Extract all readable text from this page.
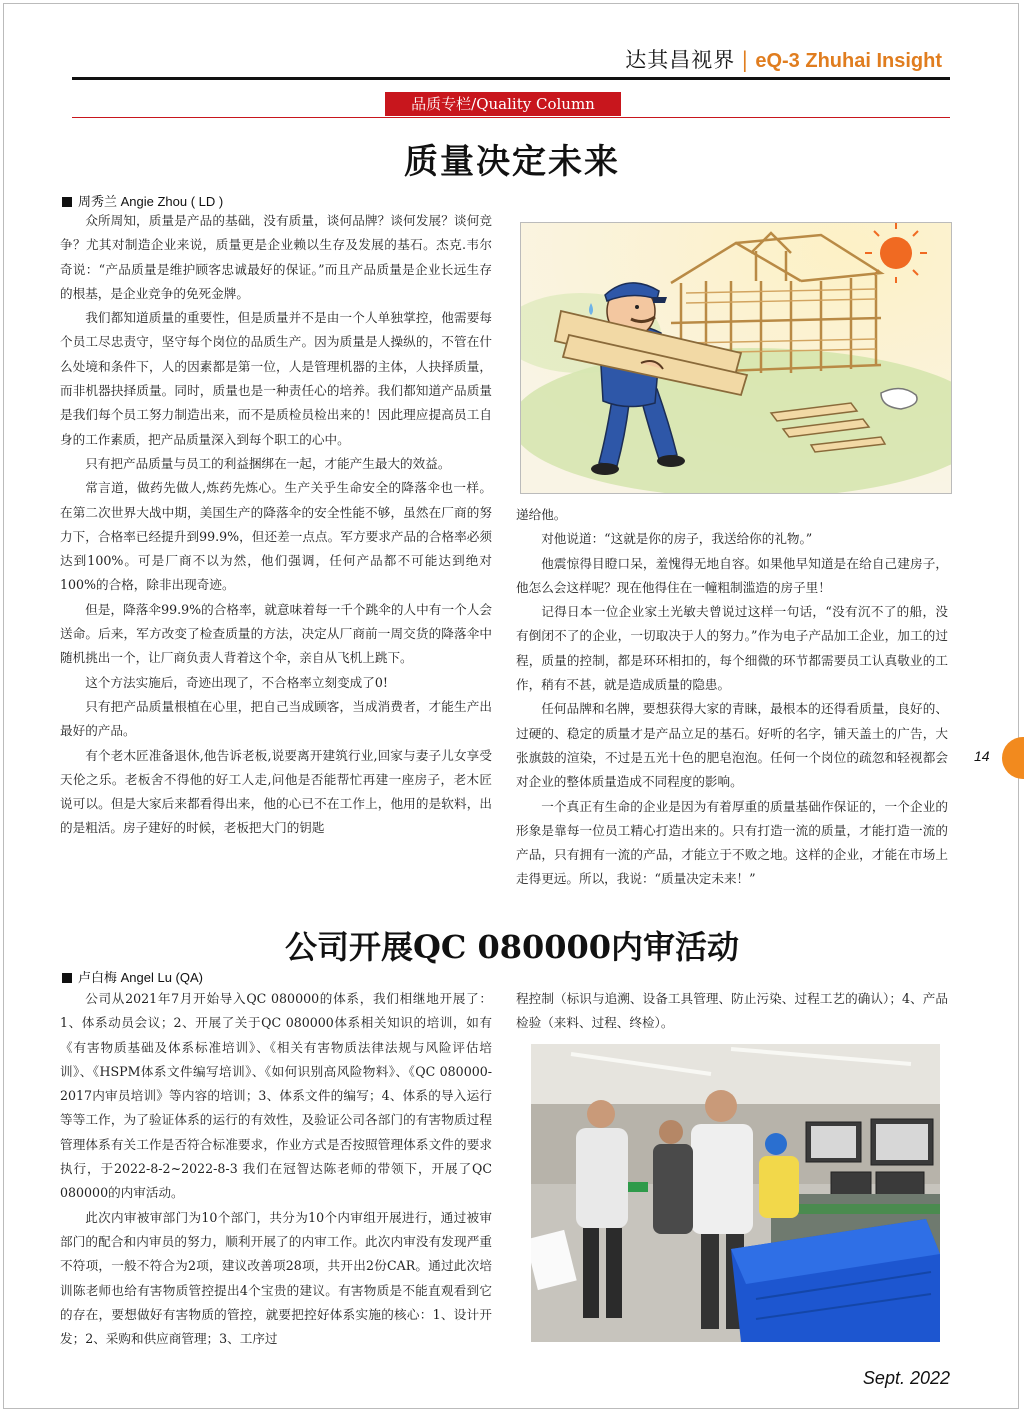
达其昌视界 | eQ-3 Zhuhai Insight
品质专栏/Quality Column
质量决定未来
周秀兰 Angie Zhou ( LD )

众所周知，质量是产品的基础，没有质量，谈何品牌？谈何发展？谈何竞争？尤其对制造企业来说，质量更是企业赖以生存及发展的基石。杰克.韦尔奇说：“产品质量是维护顾客忠诚最好的保证。”而且产品质量是企业长远生存的根基，是企业竞争的免死金牌。

我们都知道质量的重要性，但是质量并不是由一个人单独掌控，他需要每个员工尽忠责守，坚守每个岗位的品质生产。因为质量是人操纵的，不管在什么处境和条件下，人的因素都是第一位，人是管理机器的主体，人抉择质量，而非机器抉择质量。同时，质量也是一种责任心的培养。我们都知道产品质量是我们每个员工努力制造出来，而不是质检员检出来的！因此理应提高员工自身的工作素质，把产品质量深入到每个职工的心中。

只有把产品质量与员工的利益捆绑在一起，才能产生最大的效益。

常言道，做药先做人,炼药先炼心。生产关乎生命安全的降落伞也一样。在第二次世界大战中期，美国生产的降落伞的安全性能不够，虽然在厂商的努力下，合格率已经提升到99.9%，但还差一点点。军方要求产品的合格率必须达到100%。可是厂商不以为然，他们强调，任何产品都不可能达到绝对100%的合格，除非出现奇迹。

但是，降落伞99.9%的合格率，就意味着每一千个跳伞的人中有一个人会送命。后来，军方改变了检查质量的方法，决定从厂商前一周交货的降落伞中随机挑出一个，让厂商负责人背着这个伞，亲自从飞机上跳下。

这个方法实施后，奇迹出现了，不合格率立刻变成了0!

只有把产品质量根植在心里，把自己当成顾客，当成消费者，才能生产出最好的产品。

有个老木匠准备退休,他告诉老板,说要离开建筑行业,回家与妻子儿女享受天伦之乐。老板舍不得他的好工人走,问他是否能帮忙再建一座房子，老木匠说可以。但是大家后来都看得出来，他的心已不在工作上，他用的是软料，出的是粗活。房子建好的时候，老板把大门的钥匙

递给他。

对他说道：“这就是你的房子，我送给你的礼物。”

他震惊得目瞪口呆，羞愧得无地自容。如果他早知道是在给自己建房子，他怎么会这样呢？现在他得住在一幢粗制滥造的房子里！

记得日本一位企业家土光敏夫曾说过这样一句话，“没有沉不了的船，没有倒闭不了的企业，一切取决于人的努力。”作为电子产品加工企业，加工的过程，质量的控制，都是环环相扣的，每个细微的环节都需要员工认真敬业的工作，稍有不甚，就是造成质量的隐患。

任何品牌和名牌，要想获得大家的青睐，最根本的还得看质量，良好的、过硬的、稳定的质量才是产品立足的基石。好听的名字，铺天盖土的广告，大张旗鼓的渲染，不过是五光十色的肥皂泡泡。任何一个岗位的疏忽和轻视都会对企业的整体质量造成不同程度的影响。

一个真正有生命的企业是因为有着厚重的质量基础作保证的，一个企业的形象是靠每一位员工精心打造出来的。只有打造一流的质量，才能打造一流的产品，只有拥有一流的产品，才能立于不败之地。这样的企业，才能在市场上走得更远。所以，我说：“质量决定未来！”

公司开展QC 080000内审活动
卢白梅 Angel Lu (QA)

公司从2021年7月开始导入QC 080000的体系，我们相继地开展了：1、体系动员会议；2、开展了关于QC 080000体系相关知识的培训，如有《有害物质基础及体系标准培训》、《相关有害物质法律法规与风险评估培训》、《HSPM体系文件编写培训》、《如何识别高风险物料》、《QC 080000-2017内审员培训》等内容的培训；3、体系文件的编写；4、体系的导入运行等等工作，为了验证体系的运行的有效性，及验证公司各部门的有害物质过程管理体系有关工作是否符合标准要求，作业方式是否按照管理体系文件的要求执行，于2022-8-2~2022-8-3 我们在冠智达陈老师的带领下，开展了QC 080000的内审活动。

此次内审被审部门为10个部门，共分为10个内审组开展进行，通过被审部门的配合和内审员的努力，顺利开展了的内审工作。此次内审没有发现严重不符项，一般不符合为2项，建议改善项28项，共开出2份CAR。通过此次培训陈老师也给有害物质管控提出4个宝贵的建议。有害物质是不能直观看到它的存在，要想做好有害物质的管控，就要把控好体系实施的核心：1、设计开发；2、采购和供应商管理；3、工序过

程控制（标识与追溯、设备工具管理、防止污染、过程工艺的确认）；4、产品检验（来料、过程、终检）。

14
Sept. 2022
